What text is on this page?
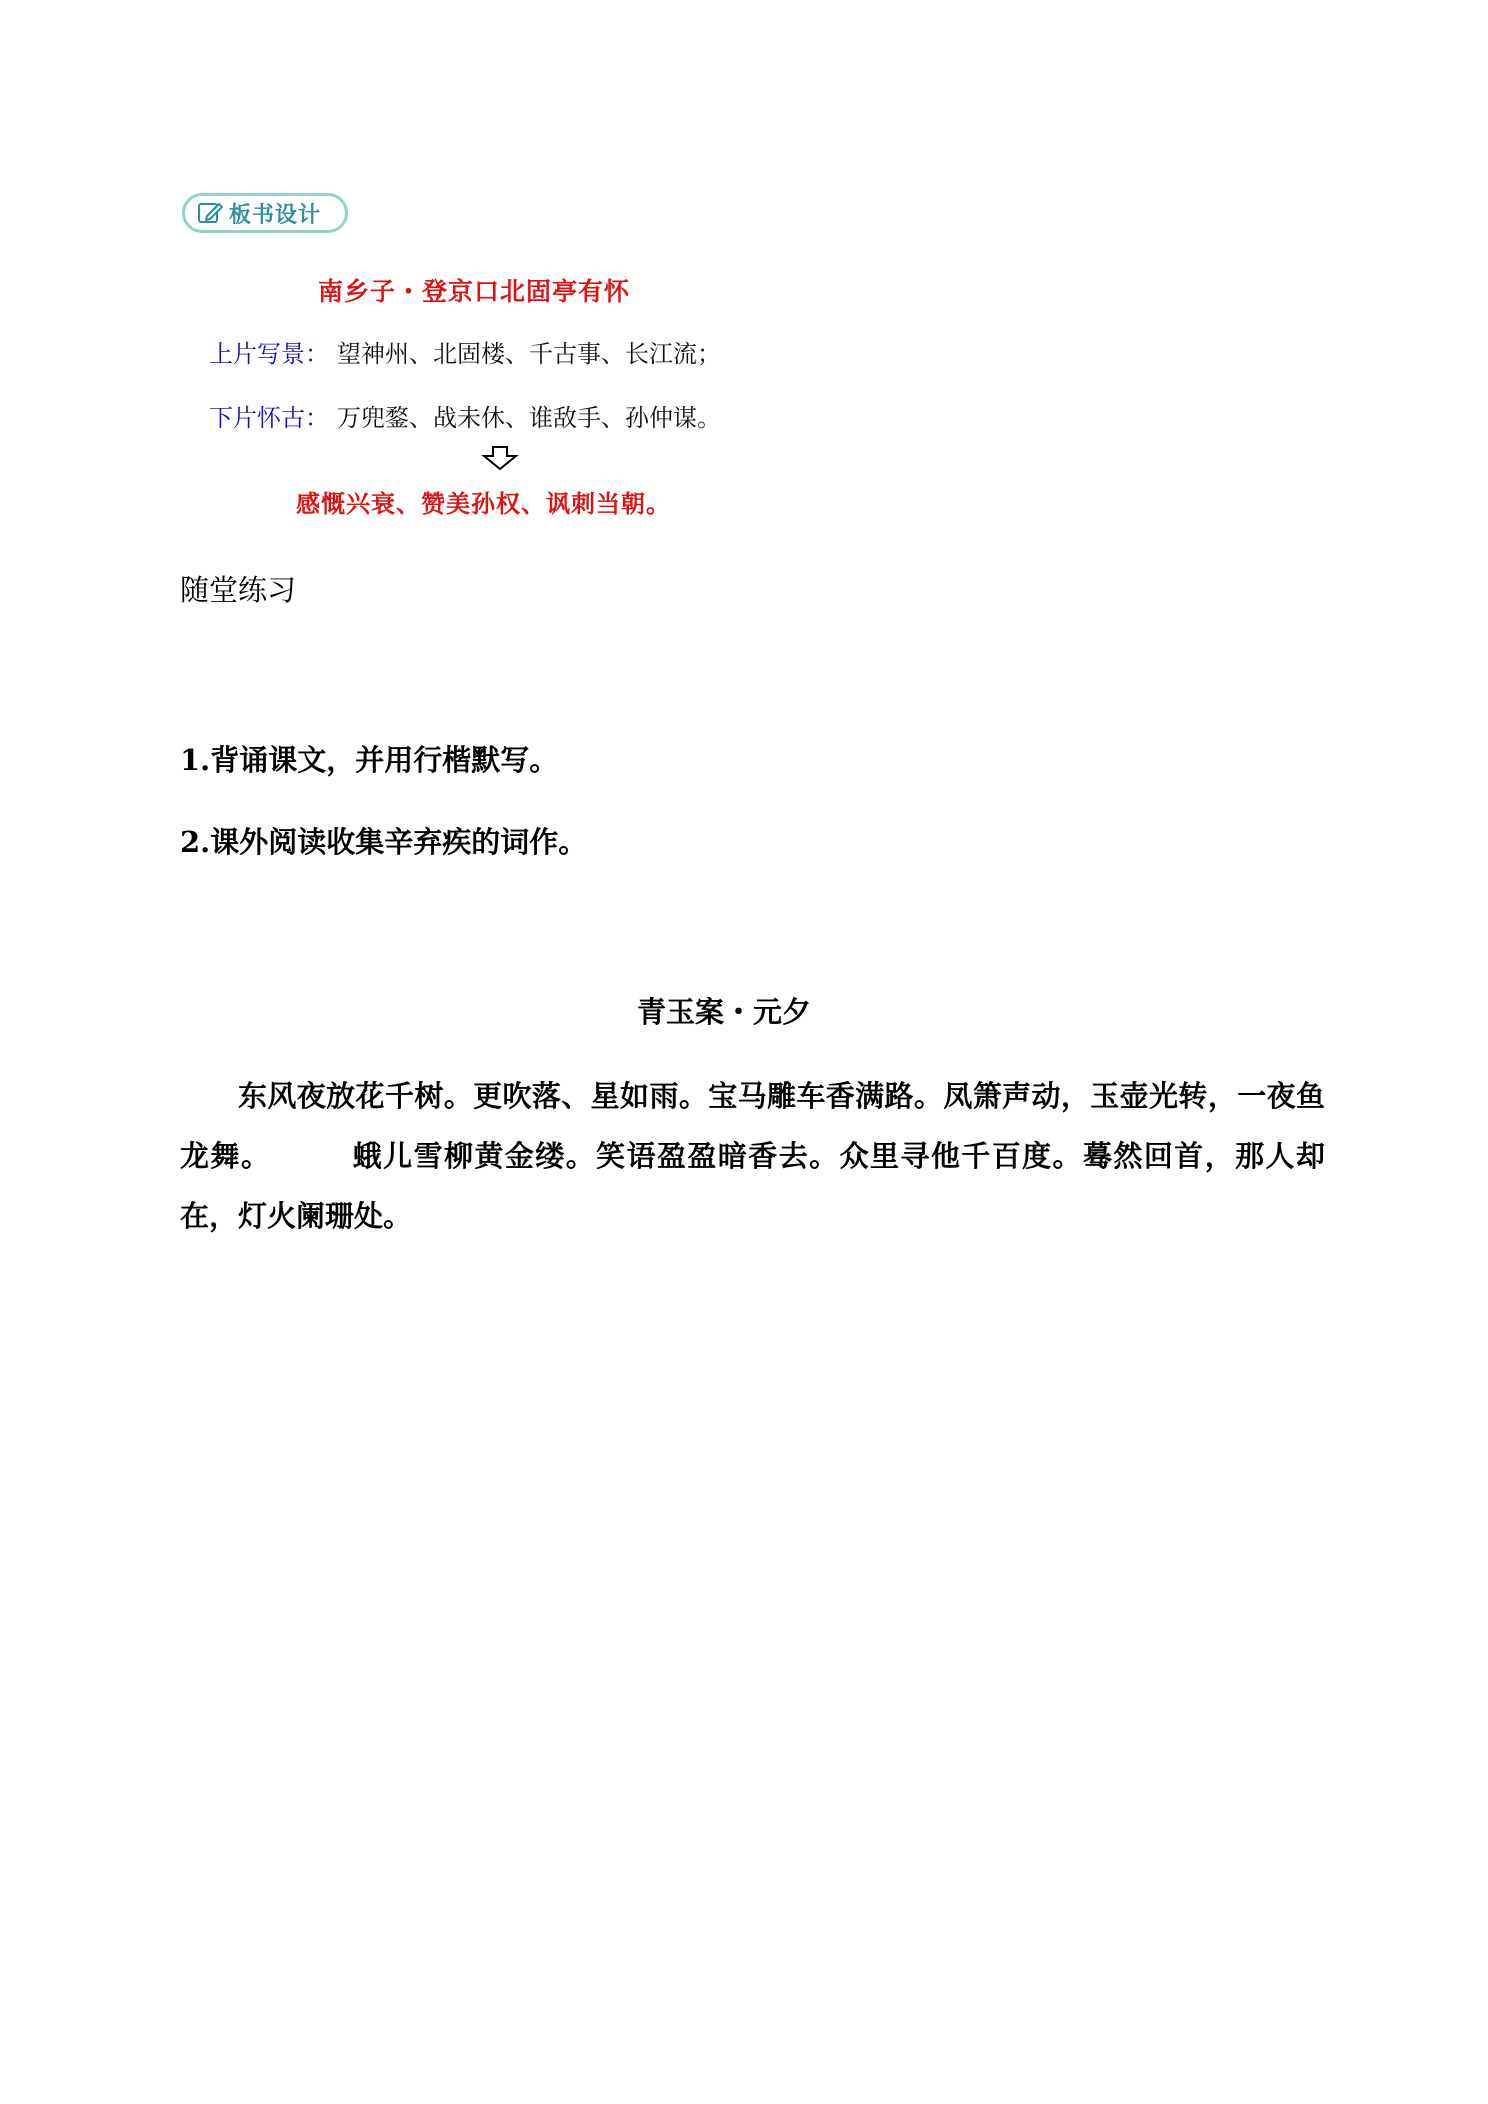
板书设计
南乡子・登京口北固亭有怀
上片写景： 望神州、北固楼、千古事、长江流；
下片怀古： 万兜鍪、战未休、谁敌手、孙仲谋。
感慨兴衰、赞美孙权、讽刺当朝。
随堂练习
1.背诵课文，并用行楷默写。
2.课外阅读收集辛弃疾的词作。
青玉案・元夕
东风夜放花千树。更吹落、星如雨。宝马雕车香满路。凤箫声动，玉壶光转，一夜鱼龙舞。	蛾儿雪柳黄金缕。笑语盈盈暗香去。众里寻他千百度。蓦然回首，那人却在，灯火阑珊处。
